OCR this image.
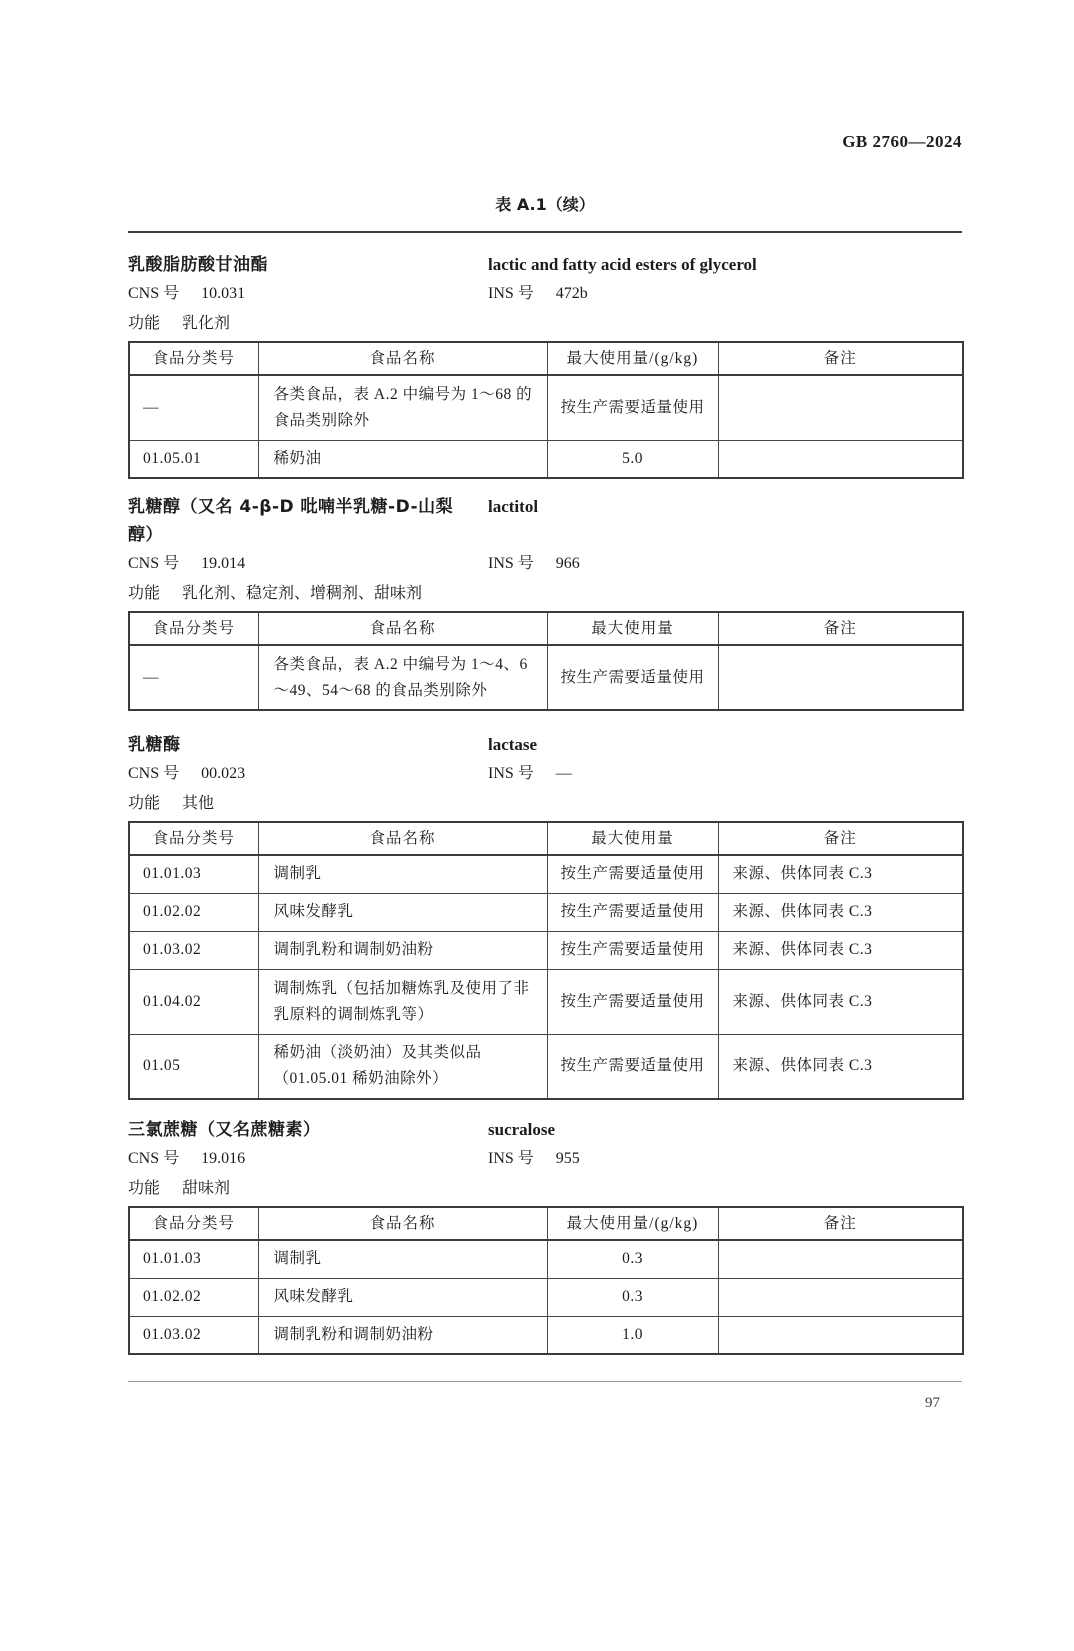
GB 2760—2024
表 A.1（续）
乳酸脂肪酸甘油酯	lactic and fatty acid esters of glycerol
CNS 号 10.031	INS 号 472b
功能 乳化剂
食品分类号	食品名称	最大使用量/(g/kg)	备注
—	各类食品，表 A.2 中编号为 1～68 的食品类别除外	按生产需要适量使用	
01.05.01	稀奶油	5.0	
乳糖醇（又名 4-β-D 吡喃半乳糖-D-山梨	lactitol
醇）
CNS 号 19.014	INS 号 966
功能 乳化剂、稳定剂、增稠剂、甜味剂
食品分类号	食品名称	最大使用量	备注
—	各类食品，表 A.2 中编号为 1～4、6～49、54～68 的食品类别除外	按生产需要适量使用	
乳糖酶	lactase
CNS 号 00.023	INS 号 —
功能 其他
食品分类号	食品名称	最大使用量	备注
01.01.03	调制乳	按生产需要适量使用	来源、供体同表 C.3
01.02.02	风味发酵乳	按生产需要适量使用	来源、供体同表 C.3
01.03.02	调制乳粉和调制奶油粉	按生产需要适量使用	来源、供体同表 C.3
01.04.02	调制炼乳（包括加糖炼乳及使用了非乳原料的调制炼乳等）	按生产需要适量使用	来源、供体同表 C.3
01.05	稀奶油（淡奶油）及其类似品（01.05.01 稀奶油除外）	按生产需要适量使用	来源、供体同表 C.3
三氯蔗糖（又名蔗糖素）	sucralose
CNS 号 19.016	INS 号 955
功能 甜味剂
食品分类号	食品名称	最大使用量/(g/kg)	备注
01.01.03	调制乳	0.3	
01.02.02	风味发酵乳	0.3	
01.03.02	调制乳粉和调制奶油粉	1.0	
97
